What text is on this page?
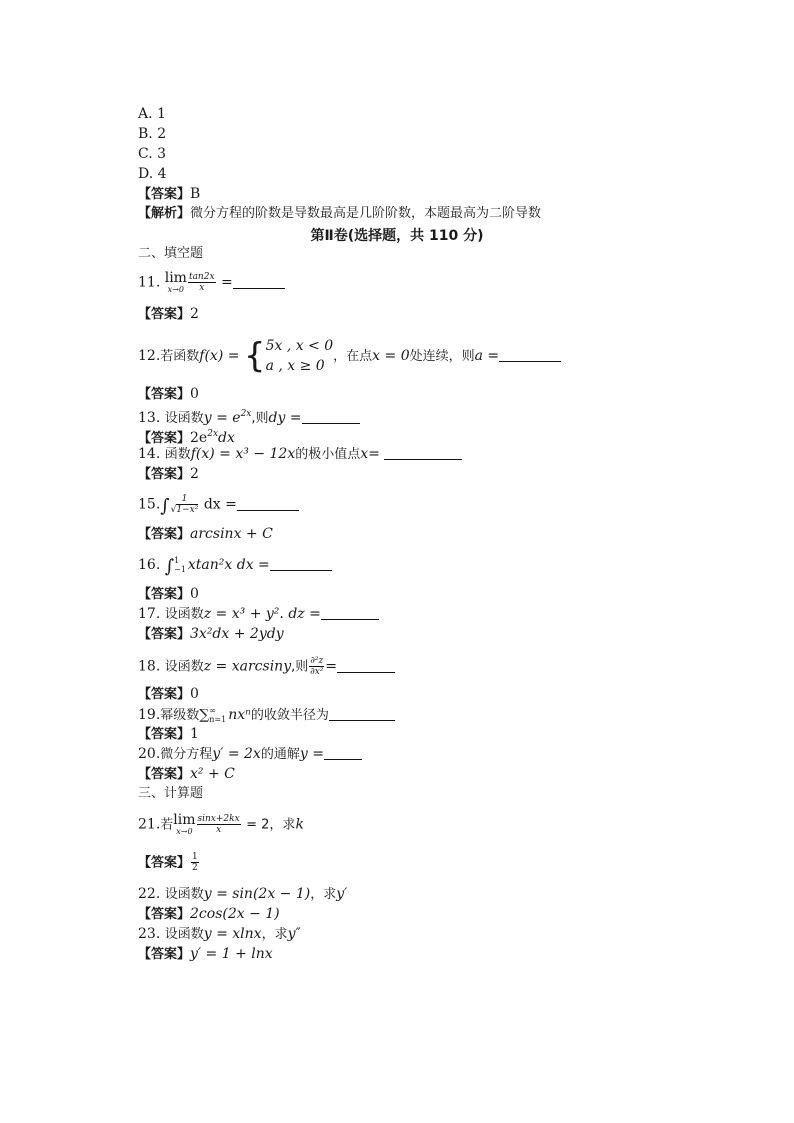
A. 1
B. 2
C. 3
D. 4
【答案】B
【解析】微分方程的阶数是导数最高是几阶阶数，本题最高为二阶导数
第Ⅱ卷(选择题，共 110 分)
二、填空题
11. lim
$x\to 0 \frac{\tan 2x}{x}$ =
【答案】2
12.若函数f(x) = { 5x , x < 0
a , x ≥ 0
，在点x = 0处连续，则a =
【答案】0
13. 设函数$y = e^{2x}$,则dy =
【答案】$2e^{2x}dx$
14. 函数f(x) = x³ − 12x的极小值点x=
【答案】2
$15.\int \frac{1}{\text{√1−x²}}$ dx =
【答案】arcsinx + C
16. ∫ 1
−1 xtan²x dx =
【答案】0
17. 设函数z = x³ + y². dz =
【答案】3x²dx + 2ydy
18. 设函数z = xarcsiny,则 $\frac{\text{∂²z}}{\text{∂x²}}$ =
【答案】0
19.幂级数∑ ∞
n=1 nxⁿ的收敛半径为
【答案】1
20.微分方程y′ = 2x的通解y =
【答案】x² + C
三、计算题
21.若 lim
$x\to 0 \frac{\sin x+2kx}{x} = 2$，求k
【答案】 $\frac{1}{2}$
22. 设函数y = sin(2x − 1)，求y′
【答案】2cos(2x − 1)
23. 设函数y = xlnx，求y″
【答案】y′ = 1 + lnx
